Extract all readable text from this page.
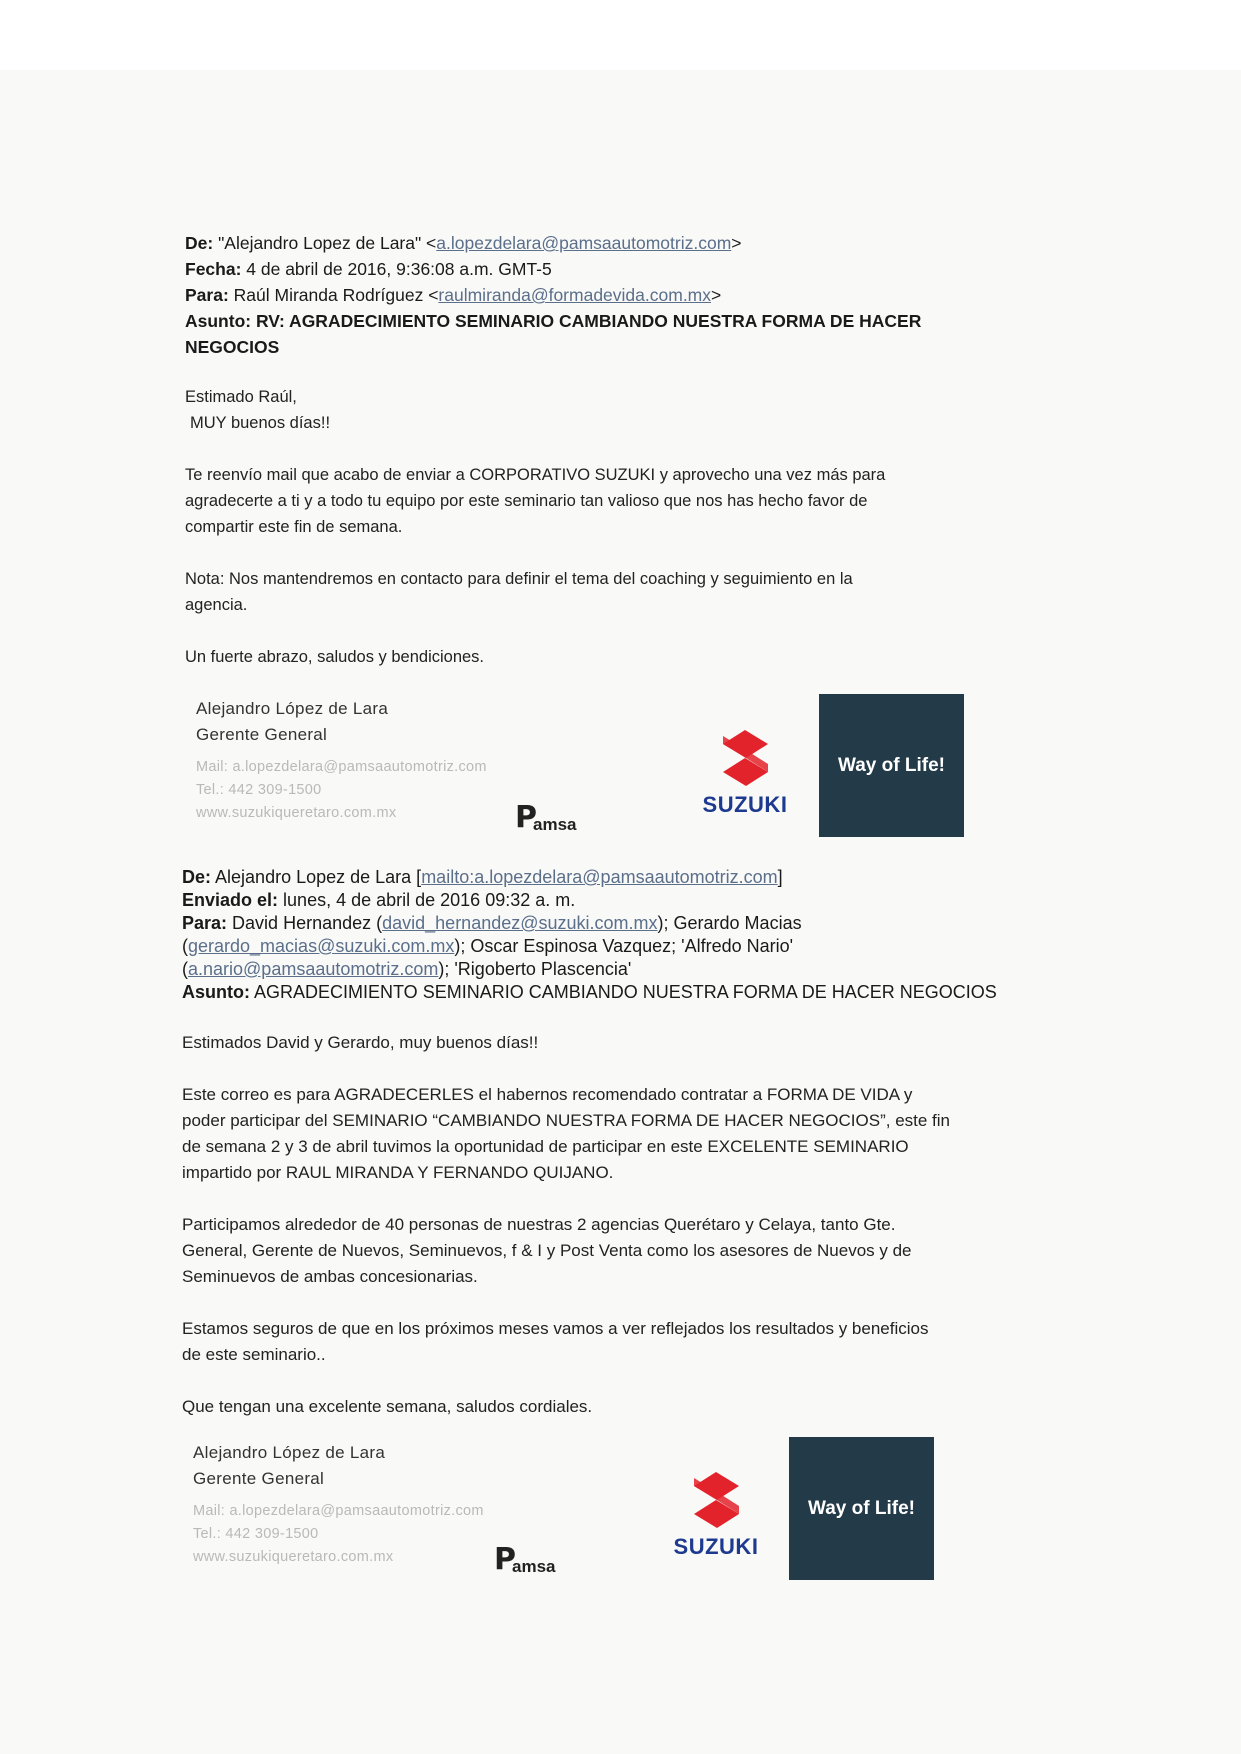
De: "Alejandro Lopez de Lara" <a.lopezdelara@pamsaautomotriz.com>
Fecha: 4 de abril de 2016, 9:36:08 a.m. GMT-5
Para: Raúl Miranda Rodríguez <raulmiranda@formadevida.com.mx>
Asunto: RV: AGRADECIMIENTO SEMINARIO CAMBIANDO NUESTRA FORMA DE HACER
NEGOCIOS
Estimado Raúl,
MUY buenos días!!
Te reenvío mail que acabo de enviar a CORPORATIVO SUZUKI y aprovecho una vez más para
agradecerte a ti y a todo tu equipo por este seminario tan valioso que nos has hecho favor de
compartir este fin de semana.
Nota: Nos mantendremos en contacto para definir el tema del coaching y seguimiento en la
agencia.
Un fuerte abrazo, saludos y bendiciones.
Alejandro López de Lara
Gerente General
Mail: a.lopezdelara@pamsaautomotriz.com
Tel.: 442 309-1500
www.suzukiqueretaro.com.mx	P
amsa
SUZUKI
Way of Life!
De: Alejandro Lopez de Lara [mailto:a.lopezdelara@pamsaautomotriz.com]
Enviado el: lunes, 4 de abril de 2016 09:32 a. m.
Para: David Hernandez (david_hernandez@suzuki.com.mx); Gerardo Macias
(gerardo_macias@suzuki.com.mx); Oscar Espinosa Vazquez; 'Alfredo Nario'
(a.nario@pamsaautomotriz.com); 'Rigoberto Plascencia'
Asunto: AGRADECIMIENTO SEMINARIO CAMBIANDO NUESTRA FORMA DE HACER NEGOCIOS
Estimados David y Gerardo, muy buenos días!!
Este correo es para AGRADECERLES el habernos recomendado contratar a FORMA DE VIDA y
poder participar del SEMINARIO “CAMBIANDO NUESTRA FORMA DE HACER NEGOCIOS”, este fin
de semana 2 y 3 de abril tuvimos la oportunidad de participar en este EXCELENTE SEMINARIO
impartido por RAUL MIRANDA Y FERNANDO QUIJANO.
Participamos alrededor de 40 personas de nuestras 2 agencias Querétaro y Celaya, tanto Gte.
General, Gerente de Nuevos, Seminuevos, f & I y Post Venta como los asesores de Nuevos y de
Seminuevos de ambas concesionarias.
Estamos seguros de que en los próximos meses vamos a ver reflejados los resultados y beneficios
de este seminario..
Que tengan una excelente semana, saludos cordiales.
Alejandro López de Lara
Gerente General
Mail: a.lopezdelara@pamsaautomotriz.com
Tel.: 442 309-1500
www.suzukiqueretaro.com.mx	P
amsa
SUZUKI
Way of Life!
